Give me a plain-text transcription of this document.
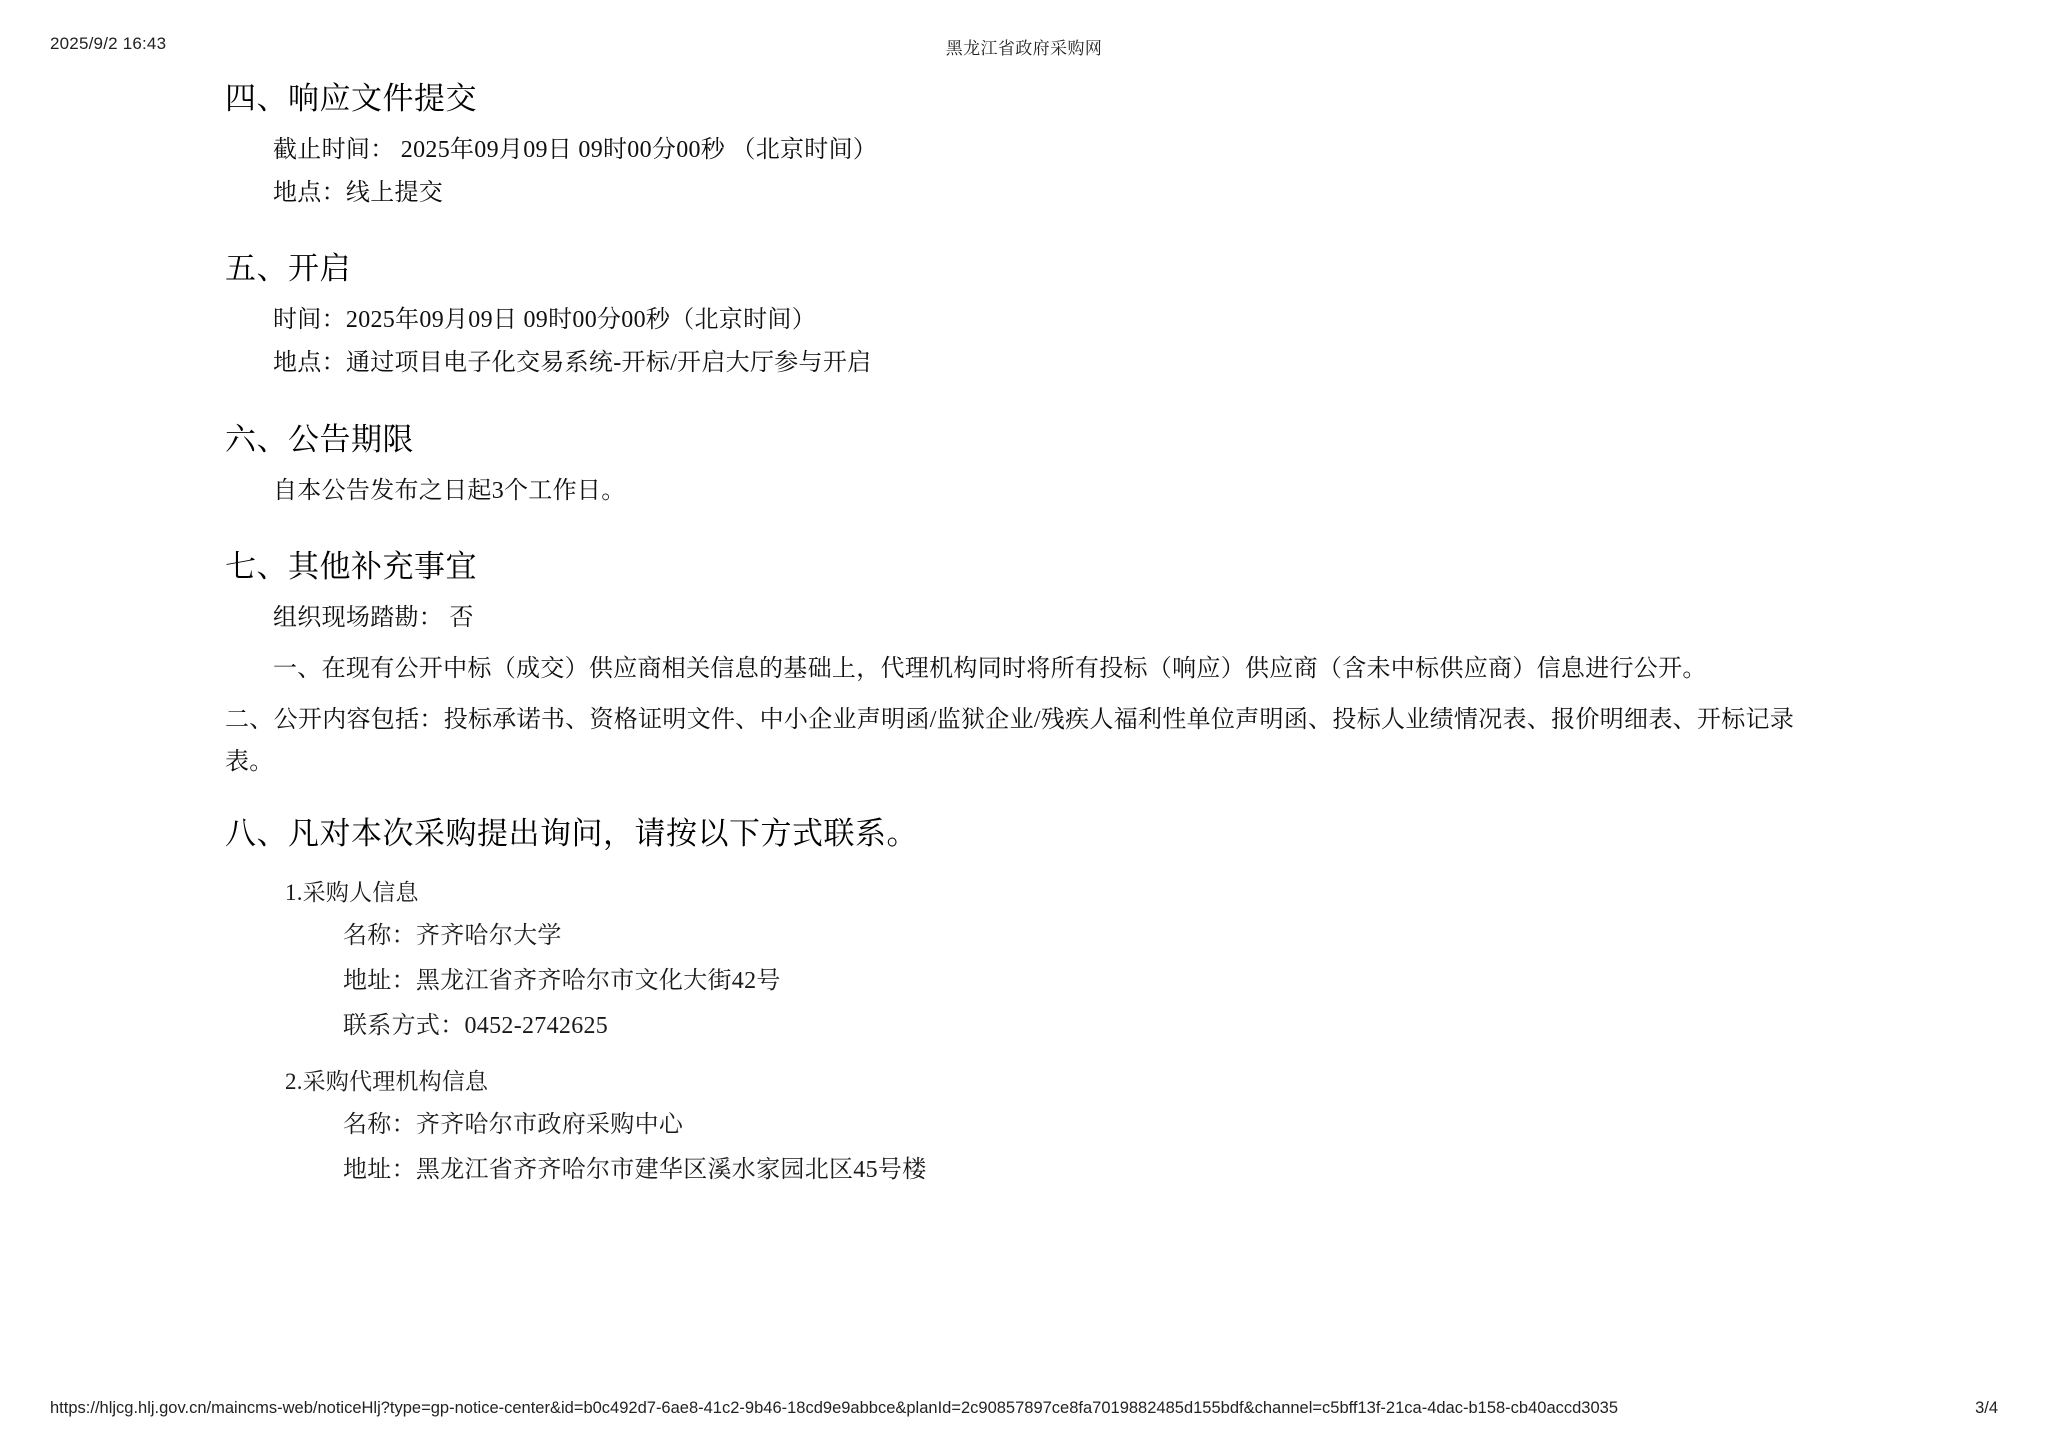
2025/9/2 16:43	黑龙江省政府采购网
四、响应文件提交
截止时间： 2025年09月09日 09时00分00秒 （北京时间）
地点：线上提交
五、开启
时间：2025年09月09日 09时00分00秒（北京时间）
地点：通过项目电子化交易系统-开标/开启大厅参与开启
六、公告期限
自本公告发布之日起3个工作日。
七、其他补充事宜
组织现场踏勘： 否
一、在现有公开中标（成交）供应商相关信息的基础上，代理机构同时将所有投标（响应）供应商（含未中标供应商）信息进行公开。
二、公开内容包括：投标承诺书、资格证明文件、中小企业声明函/监狱企业/残疾人福利性单位声明函、投标人业绩情况表、报价明细表、开标记录表。
八、凡对本次采购提出询问，请按以下方式联系。
1.采购人信息
名称：齐齐哈尔大学
地址：黑龙江省齐齐哈尔市文化大街42号
联系方式：0452-2742625
2.采购代理机构信息
名称：齐齐哈尔市政府采购中心
地址：黑龙江省齐齐哈尔市建华区溪水家园北区45号楼
https://hljcg.hlj.gov.cn/maincms-web/noticeHlj?type=gp-notice-center&id=b0c492d7-6ae8-41c2-9b46-18cd9e9abbce&planId=2c90857897ce8fa7019882485d155bdf&channel=c5bff13f-21ca-4dac-b158-cb40accd3035	3/4
